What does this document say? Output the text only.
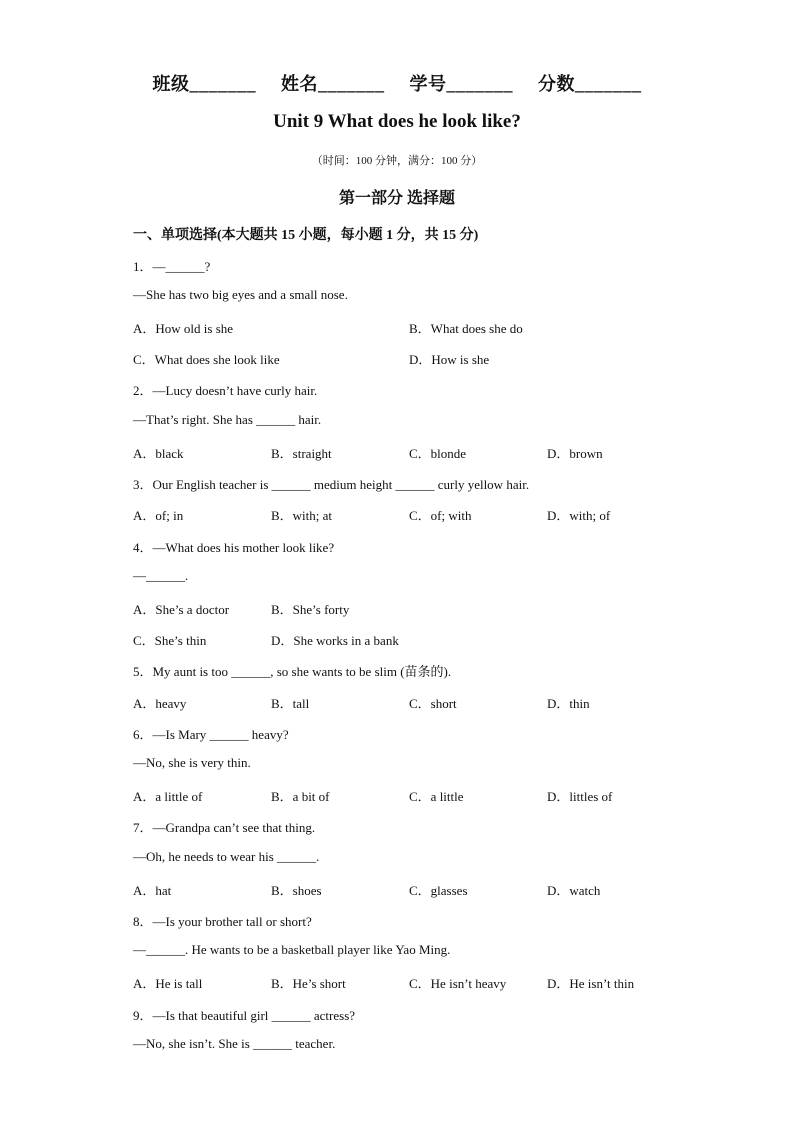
班级_______ 姓名_______ 学号_______ 分数_______
Unit 9 What does he look like?
（时间：100 分钟，满分：100 分）
第一部分 选择题
一、单项选择(本大题共 15 小题，每小题 1 分，共 15 分)
1．—______?
—She has two big eyes and a small nose.
A．How old is she	B．What does she do
C．What does she look like	D．How is she
2．—Lucy doesn’t have curly hair.
—That’s right. She has ______ hair.
A．black	B．straight	C．blonde	D．brown
3．Our English teacher is ______ medium height ______ curly yellow hair.
A．of; in	B．with; at	C．of; with	D．with; of
4．—What does his mother look like?
—______.
A．She’s a doctor	B．She’s forty
C．She’s thin	D．She works in a bank
5．My aunt is too ______, so she wants to be slim (苗条的).
A．heavy	B．tall	C．short	D．thin
6．—Is Mary ______ heavy?
—No, she is very thin.
A．a little of	B．a bit of	C．a little	D．littles of
7．—Grandpa can’t see that thing.
—Oh, he needs to wear his ______.
A．hat	B．shoes	C．glasses	D．watch
8．—Is your brother tall or short?
—______. He wants to be a basketball player like Yao Ming.
A．He is tall	B．He’s short	C．He isn’t heavy	D．He isn’t thin
9．—Is that beautiful girl ______ actress?
—No, she isn’t. She is ______ teacher.
